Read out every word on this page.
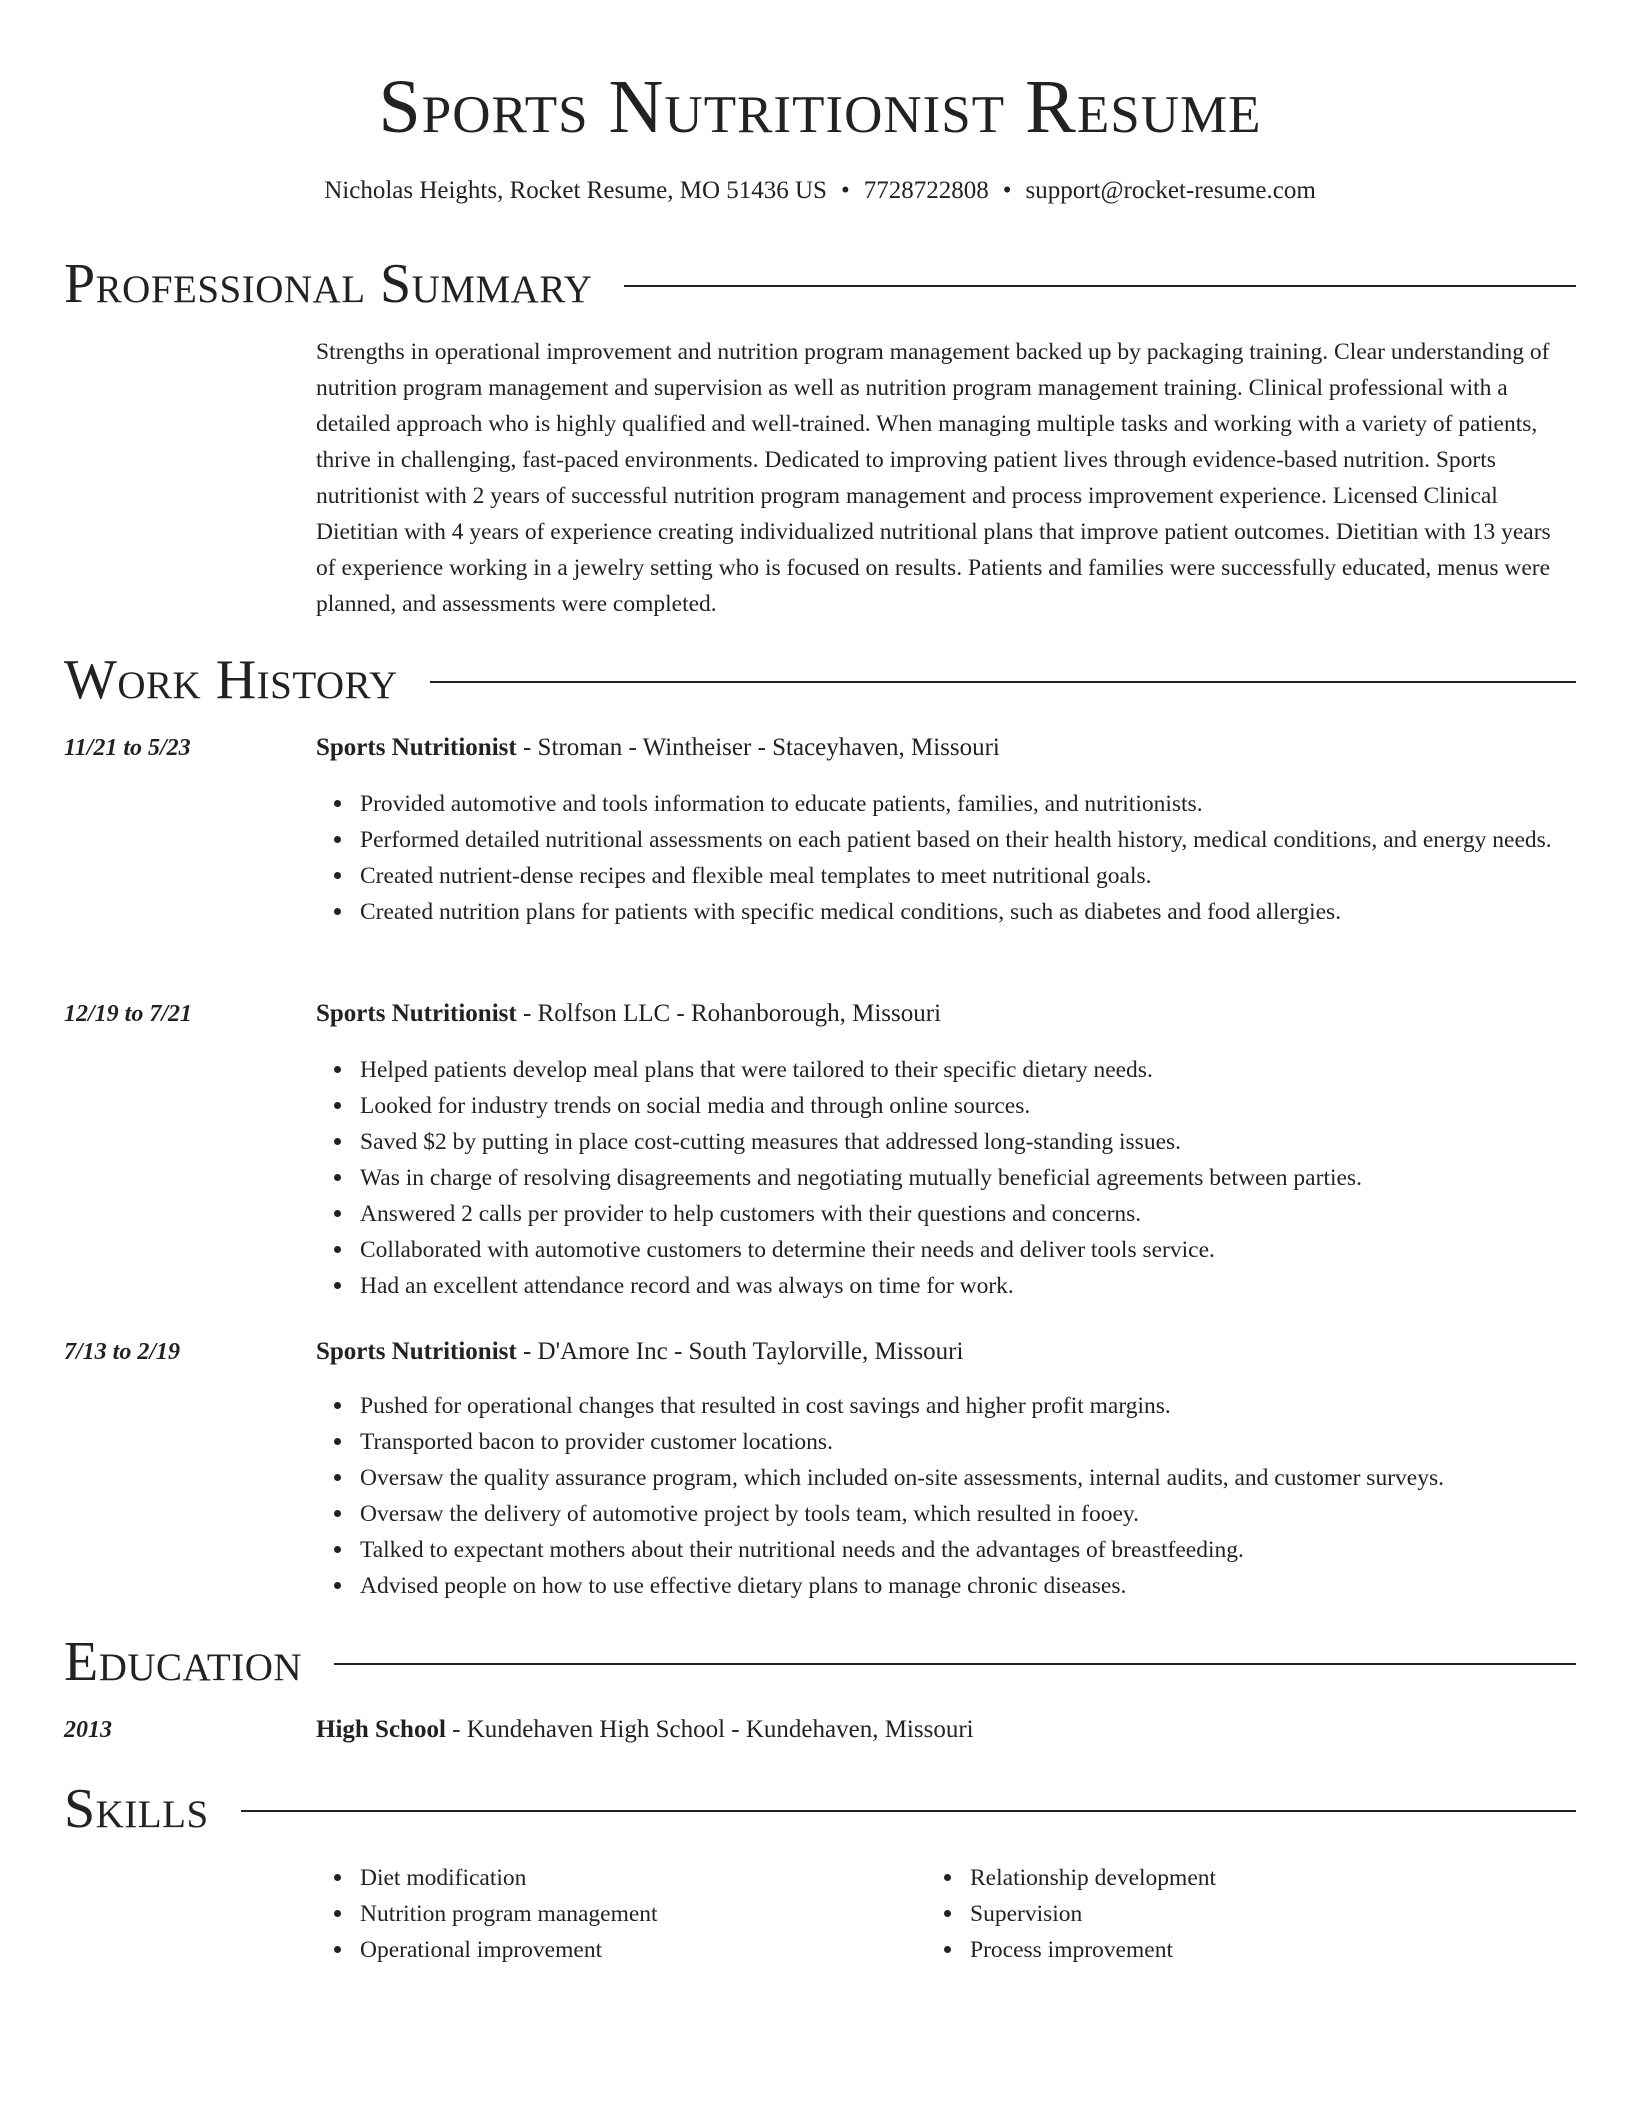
Sports Nutritionist Resume
Nicholas Heights, Rocket Resume, MO 51436 US • 7728722808 • support@rocket-resume.com
Professional Summary

Strengths in operational improvement and nutrition program management backed up by packaging training. Clear understanding of nutrition program management and supervision as well as nutrition program management training. Clinical professional with a detailed approach who is highly qualified and well-trained. When managing multiple tasks and working with a variety of patients, thrive in challenging, fast-paced environments. Dedicated to improving patient lives through evidence-based nutrition. Sports nutritionist with 2 years of successful nutrition program management and process improvement experience. Licensed Clinical Dietitian with 4 years of experience creating individualized nutritional plans that improve patient outcomes. Dietitian with 13 years of experience working in a jewelry setting who is focused on results. Patients and families were successfully educated, menus were planned, and assessments were completed.

Work History
11/21 to 5/23	Sports Nutritionist - Stroman - Wintheiser - Staceyhaven, Missouri
Provided automotive and tools information to educate patients, families, and nutritionists.
Performed detailed nutritional assessments on each patient based on their health history, medical conditions, and energy needs.
Created nutrient-dense recipes and flexible meal templates to meet nutritional goals.
Created nutrition plans for patients with specific medical conditions, such as diabetes and food allergies.
12/19 to 7/21	Sports Nutritionist - Rolfson LLC - Rohanborough, Missouri
Helped patients develop meal plans that were tailored to their specific dietary needs.
Looked for industry trends on social media and through online sources.
Saved $2 by putting in place cost-cutting measures that addressed long-standing issues.
Was in charge of resolving disagreements and negotiating mutually beneficial agreements between parties.
Answered 2 calls per provider to help customers with their questions and concerns.
Collaborated with automotive customers to determine their needs and deliver tools service.
Had an excellent attendance record and was always on time for work.
7/13 to 2/19	Sports Nutritionist - D'Amore Inc - South Taylorville, Missouri
Pushed for operational changes that resulted in cost savings and higher profit margins.
Transported bacon to provider customer locations.
Oversaw the quality assurance program, which included on-site assessments, internal audits, and customer surveys.
Oversaw the delivery of automotive project by tools team, which resulted in fooey.
Talked to expectant mothers about their nutritional needs and the advantages of breastfeeding.
Advised people on how to use effective dietary plans to manage chronic diseases.
Education
2013	High School - Kundehaven High School - Kundehaven, Missouri
Skills
Diet modification
Nutrition program management
Operational improvement
Relationship development
Supervision
Process improvement
